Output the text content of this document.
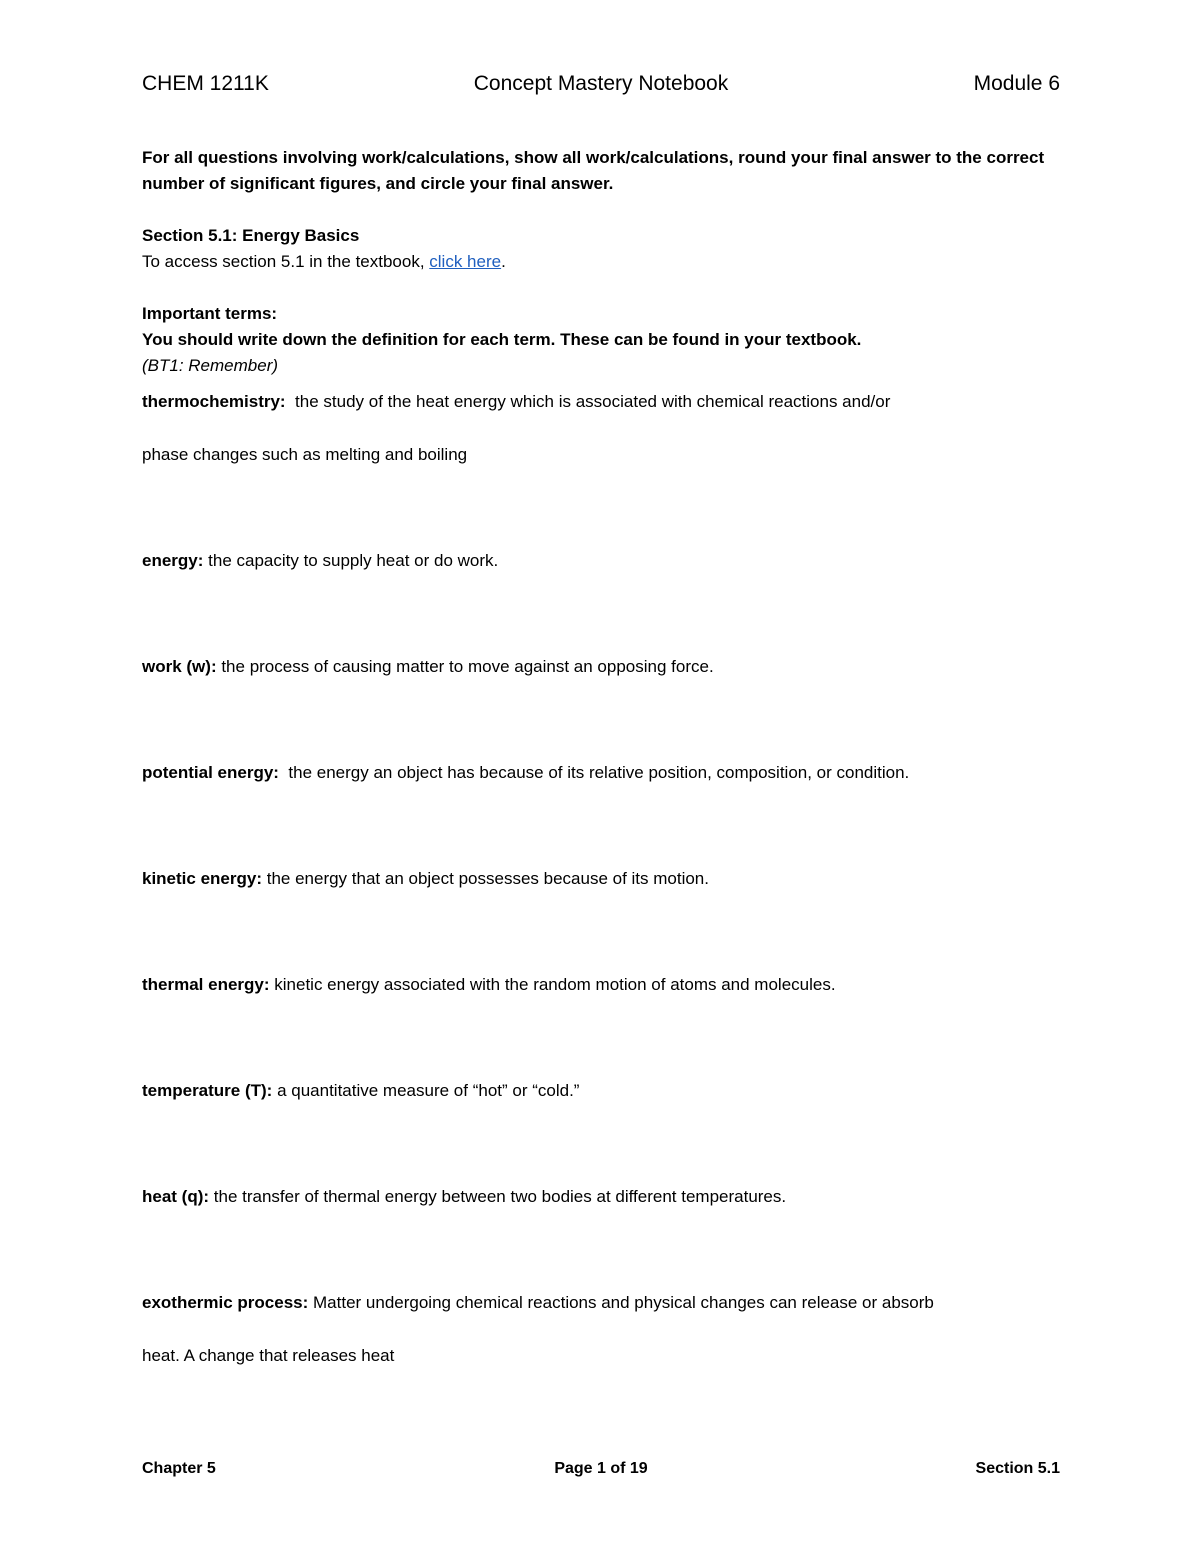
CHEM 1211K	Concept Mastery Notebook	Module 6

For all questions involving work/calculations, show all work/calculations, round your final answer to the correct number of significant figures, and circle your final answer.

Section 5.1: Energy Basics

To access section 5.1 in the textbook, click here.

Important terms:

You should write down the definition for each term. These can be found in your textbook.

(BT1: Remember)

thermochemistry:  the study of the heat energy which is associated with chemical reactions and/or

phase changes such as melting and boiling

energy: the capacity to supply heat or do work.

work (w): the process of causing matter to move against an opposing force.

potential energy:  the energy an object has because of its relative position, composition, or condition.

kinetic energy: the energy that an object possesses because of its motion.

thermal energy: kinetic energy associated with the random motion of atoms and molecules.

temperature (T): a quantitative measure of “hot” or “cold.”

heat (q): the transfer of thermal energy between two bodies at different temperatures.

exothermic process: Matter undergoing chemical reactions and physical changes can release or absorb

heat. A change that releases heat

Chapter 5	Page 1 of 19	Section 5.1
